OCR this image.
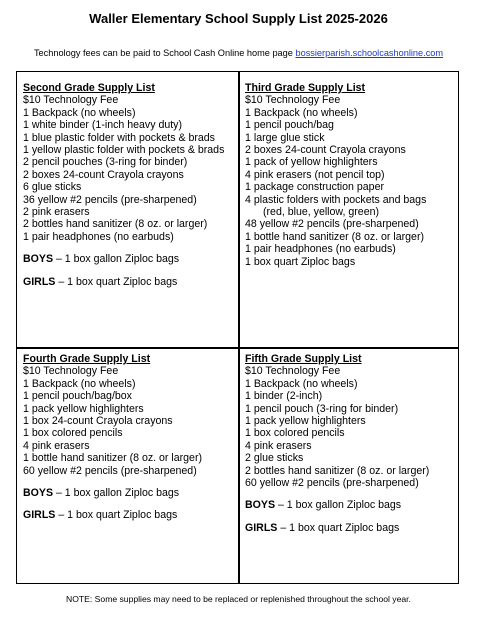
Waller Elementary School Supply List 2025-2026
Technology fees can be paid to School Cash Online home page bossierparish.schoolcashonline.com
Second Grade Supply List
$10 Technology Fee
1 Backpack (no wheels)
1 white binder (1-inch heavy duty)
1 blue plastic folder with pockets & brads
1 yellow plastic folder with pockets & brads
2 pencil pouches (3-ring for binder)
2 boxes 24-count Crayola crayons
6 glue sticks
36 yellow #2 pencils (pre-sharpened)
2 pink erasers
2 bottles hand sanitizer (8 oz. or larger)
1 pair headphones (no earbuds)
BOYS – 1 box gallon Ziploc bags
GIRLS – 1 box quart Ziploc bags
Third Grade Supply List
$10 Technology Fee
1 Backpack (no wheels)
1 pencil pouch/bag
1 large glue stick
2 boxes 24-count Crayola crayons
1 pack of yellow highlighters
4 pink erasers (not pencil top)
1 package construction paper
4 plastic folders with pockets and bags
(red, blue, yellow, green)
48 yellow #2 pencils (pre-sharpened)
1 bottle hand sanitizer (8 oz. or larger)
1 pair headphones (no earbuds)
1 box quart Ziploc bags
Fourth Grade Supply List
$10 Technology Fee
1 Backpack (no wheels)
1 pencil pouch/bag/box
1 pack yellow highlighters
1 box 24-count Crayola crayons
1 box colored pencils
4 pink erasers
1 bottle hand sanitizer (8 oz. or larger)
60 yellow #2 pencils (pre-sharpened)
BOYS – 1 box gallon Ziploc bags
GIRLS – 1 box quart Ziploc bags
Fifth Grade Supply List
$10 Technology Fee
1 Backpack (no wheels)
1 binder (2-inch)
1 pencil pouch (3-ring for binder)
1 pack yellow highlighters
1 box colored pencils
4 pink erasers
2 glue sticks
2 bottles hand sanitizer (8 oz. or larger)
60 yellow #2 pencils (pre-sharpened)
BOYS – 1 box gallon Ziploc bags
GIRLS – 1 box quart Ziploc bags
NOTE: Some supplies may need to be replaced or replenished throughout the school year.
